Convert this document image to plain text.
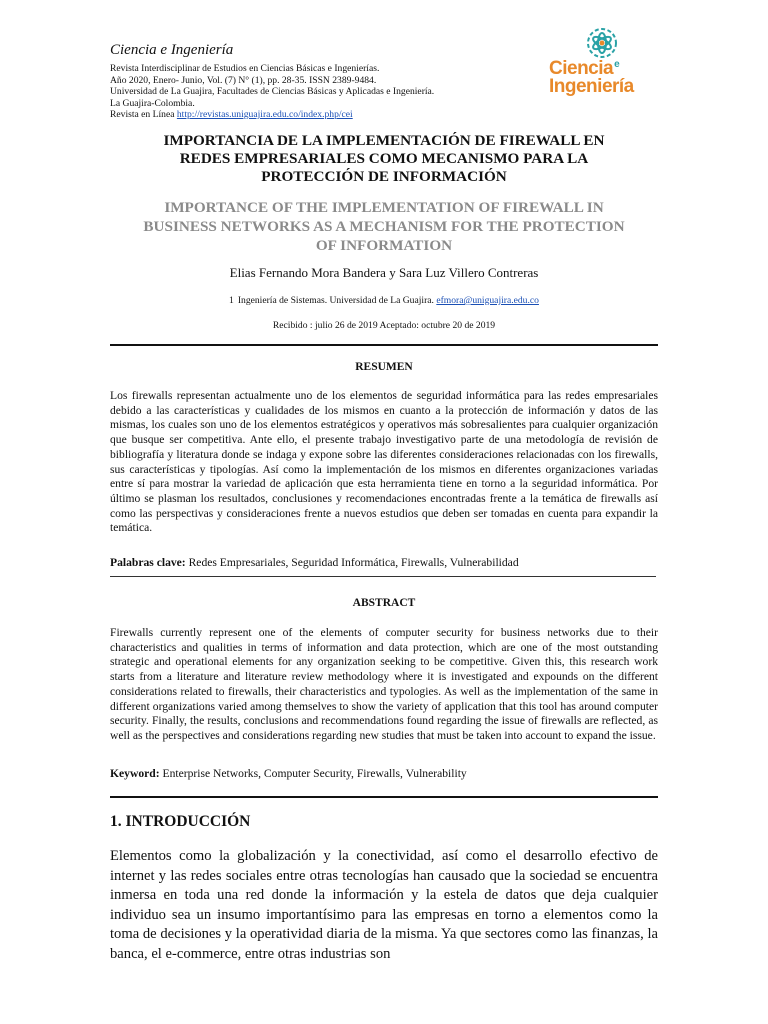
Ciencia e Ingeniería
Revista Interdisciplinar de Estudios en Ciencias Básicas e Ingenierías.
Año 2020, Enero- Junio, Vol. (7) N° (1), pp. 28-35. ISSN 2389-9484.
Universidad de La Guajira, Facultades de Ciencias Básicas y Aplicadas e Ingeniería.
La Guajira-Colombia.
Revista en Línea http://revistas.uniguajira.edu.co/index.php/cei
Ciencia$^e$
Ingeniería
IMPORTANCIA DE LA IMPLEMENTACIÓN DE FIREWALL EN REDES EMPRESARIALES COMO MECANISMO PARA LA PROTECCIÓN DE INFORMACIÓN
IMPORTANCE OF THE IMPLEMENTATION OF FIREWALL IN BUSINESS NETWORKS AS A MECHANISM FOR THE PROTECTION OF INFORMATION
Elias Fernando Mora Bandera y Sara Luz Villero Contreras
1 Ingeniería de Sistemas. Universidad de La Guajira. efmora@uniguajira.edu.co
Recibido : julio 26 de 2019 Aceptado: octubre 20 de 2019
RESUMEN
Los firewalls representan actualmente uno de los elementos de seguridad informática para las redes empresariales debido a las características y cualidades de los mismos en cuanto a la protección de información y datos de las mismas, los cuales son uno de los elementos estratégicos y operativos más sobresalientes para cualquier organización que busque ser competitiva. Ante ello, el presente trabajo investigativo parte de una metodología de revisión de bibliografía y literatura donde se indaga y expone sobre las diferentes consideraciones relacionadas con los firewalls, sus características y tipologías. Así como la implementación de los mismos en diferentes organizaciones variadas entre sí para mostrar la variedad de aplicación que esta herramienta tiene en torno a la seguridad informática. Por último se plasman los resultados, conclusiones y recomendaciones encontradas frente a la temática de firewalls así como las perspectivas y consideraciones frente a nuevos estudios que deben ser tomadas en cuenta para expandir la temática.
Palabras clave: Redes Empresariales, Seguridad Informática, Firewalls, Vulnerabilidad
ABSTRACT
Firewalls currently represent one of the elements of computer security for business networks due to their characteristics and qualities in terms of information and data protection, which are one of the most outstanding strategic and operational elements for any organization seeking to be competitive. Given this, this research work starts from a literature and literature review methodology where it is investigated and expounds on the different considerations related to firewalls, their characteristics and typologies. As well as the implementation of the same in different organizations varied among themselves to show the variety of application that this tool has around computer security. Finally, the results, conclusions and recommendations found regarding the issue of firewalls are reflected, as well as the perspectives and considerations regarding new studies that must be taken into account to expand the issue.
Keyword: Enterprise Networks, Computer Security, Firewalls, Vulnerability
1. INTRODUCCIÓN
Elementos como la globalización y la conectividad, así como el desarrollo efectivo de internet y las redes sociales entre otras tecnologías han causado que la sociedad se encuentra inmersa en toda una red donde la información y la estela de datos que deja cualquier individuo sea un insumo importantísimo para las empresas en torno a elementos como la toma de decisiones y la operatividad diaria de la misma. Ya que sectores como las finanzas, la banca, el e-commerce, entre otras industrias son
